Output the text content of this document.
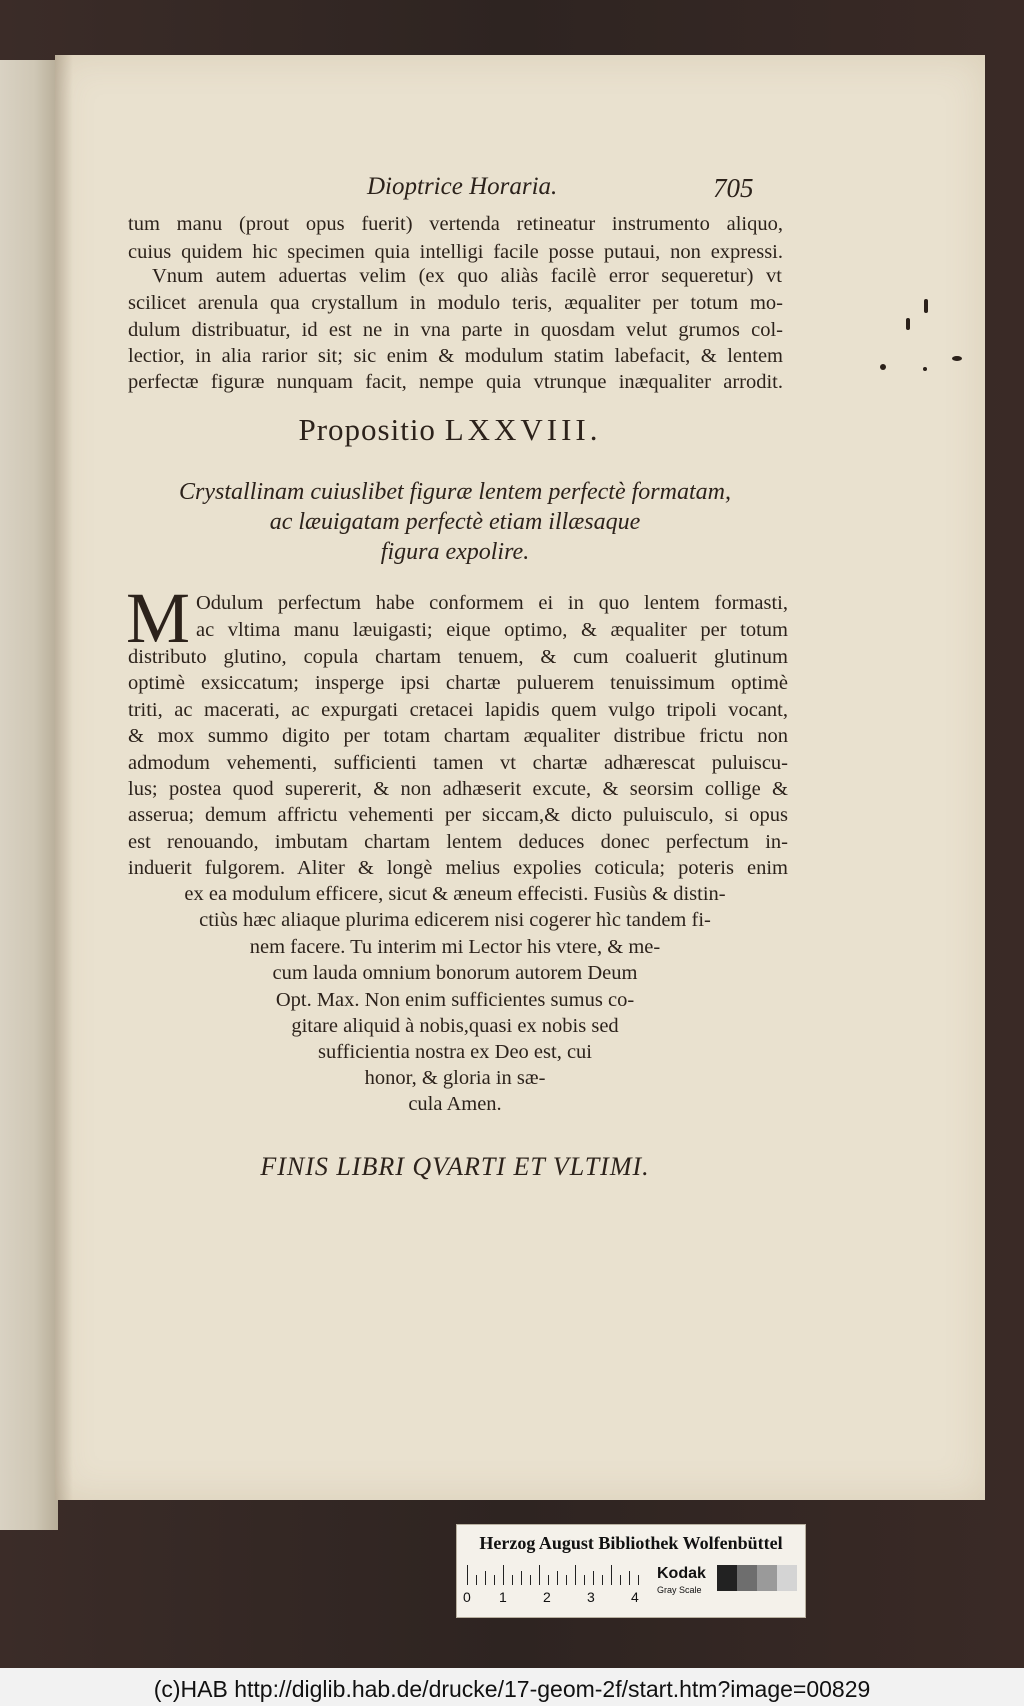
Dioptrice Horaria.	705
tum manu (prout opus fuerit) vertenda retineatur instrumento aliquo,
cuius quidem hic specimen quia intelligi facile posse putaui, non expressi.
Vnum autem aduertas velim (ex quo aliàs facilè error sequeretur) vt
scilicet arenula qua crystallum in modulo teris, æqualiter per totum mo-
dulum distribuatur, id est ne in vna parte in quosdam velut grumos col-
lectior, in alia rarior sit; sic enim & modulum statim labefacit, & lentem
perfectæ figuræ nunquam facit, nempe quia vtrunque inæqualiter arrodit.
Propositio LXXVIII.
Crystallinam cuiuslibet figuræ lentem perfectè formatam,
ac læuigatam perfectè etiam illæsaque
figura expolire.
M Odulum perfectum habe conformem ei in quo lentem formasti,
ac vltima manu læuigasti; eique optimo, & æqualiter per totum
distributo glutino, copula chartam tenuem, & cum coaluerit glutinum
optimè exsiccatum; insperge ipsi chartæ puluerem tenuissimum optimè
triti, ac macerati, ac expurgati cretacei lapidis quem vulgo tripoli vocant,
& mox summo digito per totam chartam æqualiter distribue frictu non
admodum vehementi, sufficienti tamen vt chartæ adhærescat puluiscu-
lus; postea quod supererit, & non adhæserit excute, & seorsim collige &
asserua; demum affrictu vehementi per siccam,& dicto puluisculo, si opus
est renouando, imbutam chartam lentem deduces donec perfectum in-
induerit fulgorem. Aliter & longè melius expolies coticula; poteris enim
ex ea modulum efficere, sicut & æneum effecisti. Fusiùs & distin-
ctiùs hæc aliaque plurima edicerem nisi cogerer hìc tandem fi-
nem facere. Tu interim mi Lector his vtere, & me-
cum lauda omnium bonorum autorem Deum
Opt. Max. Non enim sufficientes sumus co-
gitare aliquid à nobis,quasi ex nobis sed
sufficientia nostra ex Deo est, cui
honor, & gloria in sæ-
cula Amen.
FINIS LIBRI QVARTI ET VLTIMI.
Herzog August Bibliothek Wolfenbüttel
0 1	2	3	4
Kodak
Gray Scale
(c)HAB http://diglib.hab.de/drucke/17-geom-2f/start.htm?image=00829
